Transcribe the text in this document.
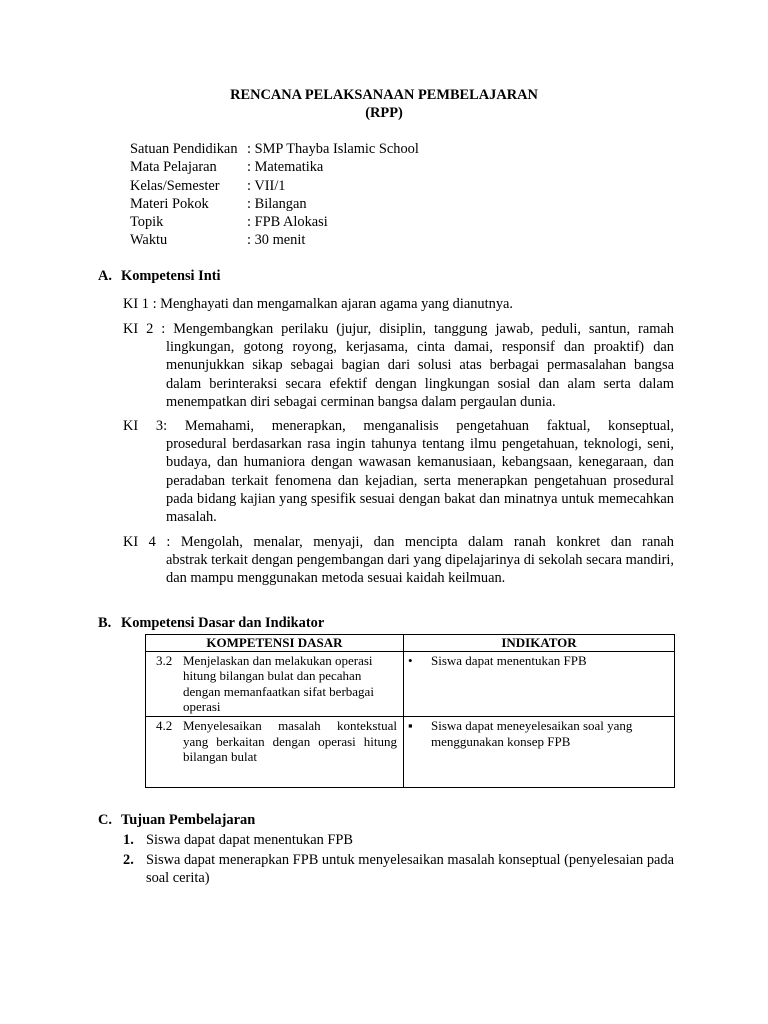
RENCANA PELAKSANAAN PEMBELAJARAN
(RPP)
Satuan Pendidikan : SMP Thayba Islamic School
Mata Pelajaran	: Matematika
Kelas/Semester	: VII/1
Materi Pokok	: Bilangan
Topik	: FPB Alokasi
Waktu	: 30 menit
A. Kompetensi Inti
KI 1 : Menghayati dan mengamalkan ajaran agama yang dianutnya.
KI 2 : Mengembangkan perilaku (jujur, disiplin, tanggung jawab, peduli, santun, ramah
lingkungan, gotong royong, kerjasama, cinta damai, responsif dan proaktif) dan menunjukkan sikap sebagai bagian dari solusi atas berbagai permasalahan bangsa dalam berinteraksi secara efektif dengan lingkungan sosial dan alam serta dalam menempatkan diri sebagai cerminan bangsa dalam pergaulan dunia.
KI 3: Memahami, menerapkan, menganalisis pengetahuan faktual, konseptual,
prosedural berdasarkan rasa ingin tahunya tentang ilmu pengetahuan, teknologi, seni, budaya, dan humaniora dengan wawasan kemanusiaan, kebangsaan, kenegaraan, dan peradaban terkait fenomena dan kejadian, serta menerapkan pengetahuan prosedural pada bidang kajian yang spesifik sesuai dengan bakat dan minatnya untuk memecahkan masalah.
KI 4 : Mengolah, menalar, menyaji, dan mencipta dalam ranah konkret dan ranah
abstrak terkait dengan pengembangan dari yang dipelajarinya di sekolah secara mandiri, dan mampu menggunakan metoda sesuai kaidah keilmuan.
B. Kompetensi Dasar dan Indikator
KOMPETENSI DASAR	INDIKATOR

3.2 Menjelaskan dan melakukan operasi hitung bilangan bulat dan pecahan dengan memanfaatkan sifat berbagai operasi	• Siswa dapat menentukan FPB

4.2 Menyelesaikan masalah kontekstual yang berkaitan dengan operasi hitung bilangan bulat	▪ Siswa dapat meneyelesaikan soal yang menggunakan konsep FPB
C. Tujuan Pembelajaran
1. Siswa dapat dapat menentukan FPB
2. Siswa dapat menerapkan FPB untuk menyelesaikan masalah konseptual (penyelesaian pada soal cerita)
